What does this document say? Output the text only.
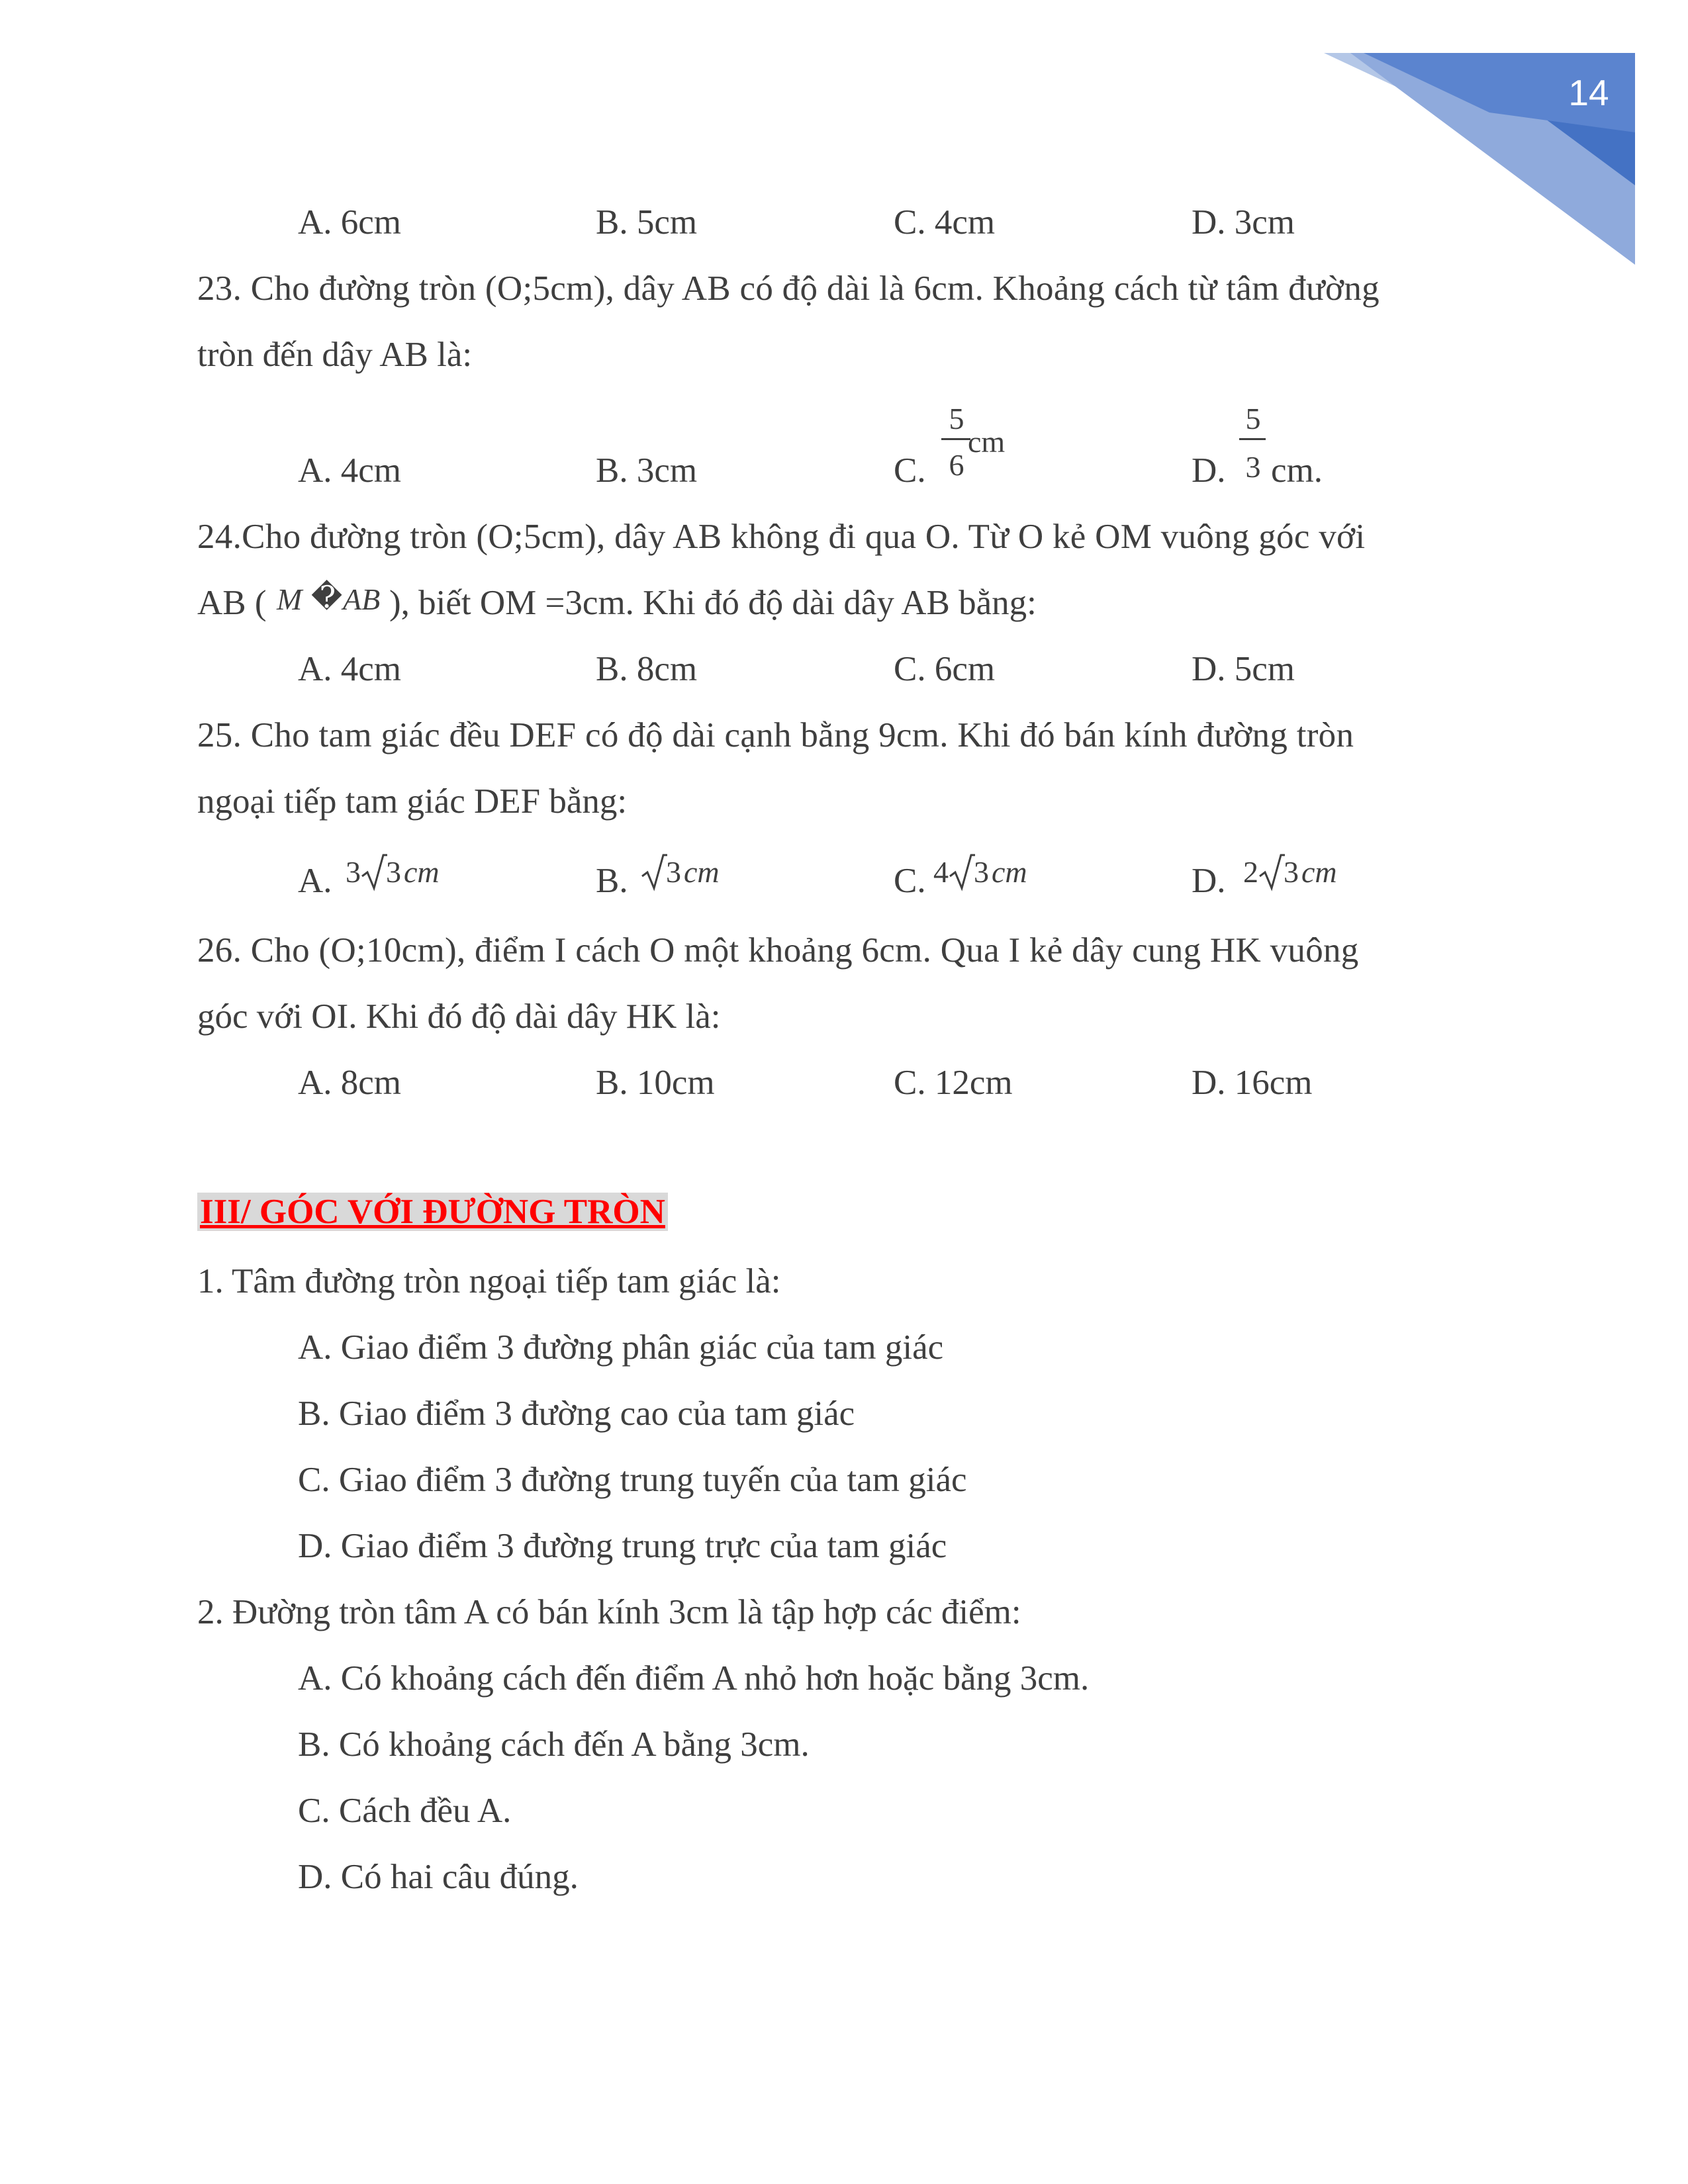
14
A. 6cm	B. 5cm	C. 4cm	D. 3cm
23. Cho đường tròn (O;5cm), dây AB có độ dài là 6cm. Khoảng cách từ tâm đường
tròn đến dây AB là:
A. 4cm	B. 3cm	C.
5
6
cm
D.
5
3 cm.
24.Cho đường tròn (O;5cm), dây AB không đi qua O. Từ O kẻ OM vuông góc với
AB ( M � AB ), biết OM =3cm. Khi đó độ dài dây AB bằng:
A. 4cm	B. 8cm	C. 6cm	D. 5cm
25. Cho tam giác đều DEF có độ dài cạnh bằng 9cm. Khi đó bán kính đường tròn
ngoại tiếp tam giác DEF bằng:
A. 3 3 cm	B. 3 cm	C. 4 3 cm	D. 2 3 cm
26. Cho (O;10cm), điểm I cách O một khoảng 6cm. Qua I kẻ dây cung HK vuông
góc với OI. Khi đó độ dài dây HK là:
A. 8cm	B. 10cm	C. 12cm	D. 16cm
III/ GÓC VỚI ĐƯỜNG TRÒN
1. Tâm đường tròn ngoại tiếp tam giác là:
A. Giao điểm 3 đường phân giác của tam giác
B. Giao điểm 3 đường cao của tam giác
C. Giao điểm 3 đường trung tuyến của tam giác
D. Giao điểm 3 đường trung trực của tam giác
2. Đường tròn tâm A có bán kính 3cm là tập hợp các điểm:
A. Có khoảng cách đến điểm A nhỏ hơn hoặc bằng 3cm.
B. Có khoảng cách đến A bằng 3cm.
C. Cách đều A.
D. Có hai câu đúng.
